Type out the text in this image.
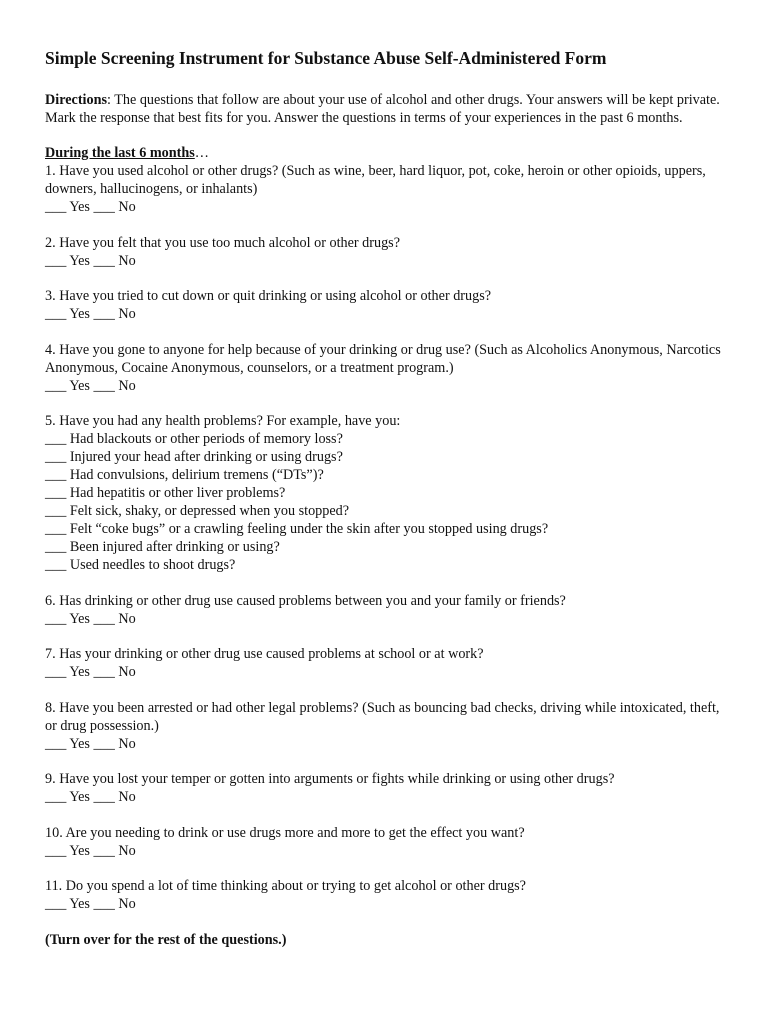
Simple Screening Instrument for Substance Abuse Self-Administered Form

Directions: The questions that follow are about your use of alcohol and other drugs. Your answers will be kept private. Mark the response that best fits for you. Answer the questions in terms of your experiences in the past 6 months.

During the last 6 months…
1. Have you used alcohol or other drugs? (Such as wine, beer, hard liquor, pot, coke, heroin or other opioids, uppers, downers, hallucinogens, or inhalants)
___ Yes ___ No
2. Have you felt that you use too much alcohol or other drugs?
___ Yes ___ No
3. Have you tried to cut down or quit drinking or using alcohol or other drugs?
___ Yes ___ No
4. Have you gone to anyone for help because of your drinking or drug use? (Such as Alcoholics Anonymous, Narcotics Anonymous, Cocaine Anonymous, counselors, or a treatment program.)
___ Yes ___ No
5. Have you had any health problems? For example, have you:
___ Had blackouts or other periods of memory loss?
___ Injured your head after drinking or using drugs?
___ Had convulsions, delirium tremens (“DTs”)?
___ Had hepatitis or other liver problems?
___ Felt sick, shaky, or depressed when you stopped?
___ Felt “coke bugs” or a crawling feeling under the skin after you stopped using drugs?
___ Been injured after drinking or using?
___ Used needles to shoot drugs?
6. Has drinking or other drug use caused problems between you and your family or friends?
___ Yes ___ No
7. Has your drinking or other drug use caused problems at school or at work?
___ Yes ___ No
8. Have you been arrested or had other legal problems? (Such as bouncing bad checks, driving while intoxicated, theft, or drug possession.)
___ Yes ___ No
9. Have you lost your temper or gotten into arguments or fights while drinking or using other drugs?
___ Yes ___ No
10. Are you needing to drink or use drugs more and more to get the effect you want?
___ Yes ___ No
11. Do you spend a lot of time thinking about or trying to get alcohol or other drugs?
___ Yes ___ No
(Turn over for the rest of the questions.)
